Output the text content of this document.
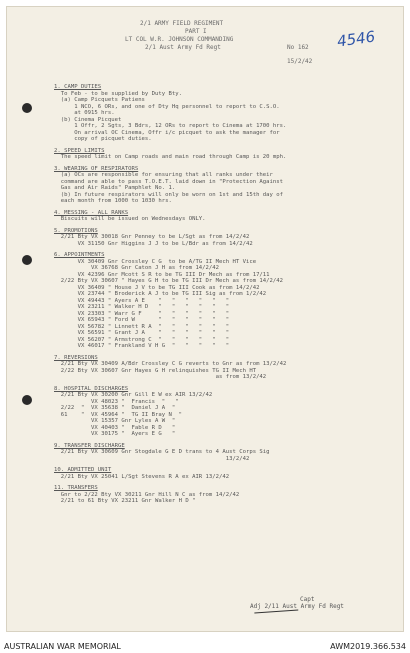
2/1 ARMY FIELD REGIMENT
PART I
LT COL W.R. JOHNSON COMMANDING
2/1 Aust Army Fd Regt	No 162
15/2/42
4546
1. CAMP DUTIES
To Feb - to be supplied by Duty Bty.
(a) Camp Picquets Patiens
1 NCO, 6 ORs, and one of Dty Hq personnel to report to C.S.O.
at 0915 hrs.
(b) Cinema Picquet
1 Offr, 2 Sgts, 3 Bdrs, 12 ORs to report to Cinema at 1700 hrs.
On arrival OC Cinema, Offr i/c picquet to ask the manager for
copy of picquet duties.
2. SPEED LIMITS
The speed limit on Camp roads and main road through Camp is 20 mph.
3. WEARING OF RESPIRATORS
(a) OCs are responsible for ensuring that all ranks under their
command are able to pass T.O.E.T. laid down in "Protection Against
Gas and Air Raids" Pamphlet No. 1.
(b) In future respirators will only be worn on 1st and 15th day of
each month from 1000 to 1030 hrs.
4. MESSING - ALL RANKS
Biscuits will be issued on Wednesdays ONLY.
5. PROMOTIONS
2/21 Bty VX 30018 Gnr Penney to be L/Sgt as from 14/2/42
VX 31150 Gnr Higgins J J to be L/Bdr as from 14/2/42
6. APPOINTMENTS
VX 30409 Gnr Crossley C G  to be A/TG II Mech HT Vice
VX 36768 Gnr Caton J H as from 14/2/42
VX 42396 Gnr Mcott S R to be TG III Dr Mech as from 17/11
2/22 Bty VX 30607 " Hayes G H to be TG III Dr Mech as from 14/2/42
VX 36409 " House J V to be TG III Cook as from 14/2/42
VX 23744 " Broderick A J to be TG III Sig as from 1/2/42
VX 49443 " Ayers A E    "   "   "   "   "   "
VX 23211 " Walker H D   "   "   "   "   "   "
VX 23303 " Warr G F     "   "   "   "   "   "
VX 65943 " Ford W       "   "   "   "   "   "
VX 56782 " Linnett R A  "   "   "   "   "   "
VX 56591 " Grant J A    "   "   "   "   "   "
VX 56207 " Armstrong C  "   "   "   "   "   "
VX 46017 " Frankland V H G  "   "   "   "   "
7. REVERSIONS
2/21 Bty VX 30409 A/Bdr Crossley C G reverts to Gnr as from 13/2/42
2/22 Bty VX 30607 Gnr Hayes G H relinquishes TG II Mech HT
as from 13/2/42
8. HOSPITAL DISCHARGES
2/21 Bty VX 30200 Gnr Gill E W ex AIR 13/2/42
VX 48023 "  Francis  "   "
2/22  "  VX 35638 "  Daniel J A  "
61    "  VX 45964 "  TG II Bray N  "
VX 15357 Gnr Lyles A W  "
VX 40403 "  Fable R D   "
VX 30175 "  Ayers E G   "
9. TRANSFER DISCHARGE
2/21 Bty VX 30609 Gnr Stogdale G E D trans to 4 Aust Corps Sig
13/2/42
10. ADMITTED UNIT
2/21 Bty VX 25041 L/Sgt Stevens R A ex AIR 13/2/42
11. TRANSFERS
Gnr to 2/22 Bty VX 30211 Gnr Hill N C as from 14/2/42
2/21 to 61 Bty VX 23211 Gnr Walker H D "
Capt
Adj 2/11 Aust Army Fd Regt
AUSTRALIAN WAR MEMORIAL	AWM2019.366.534
